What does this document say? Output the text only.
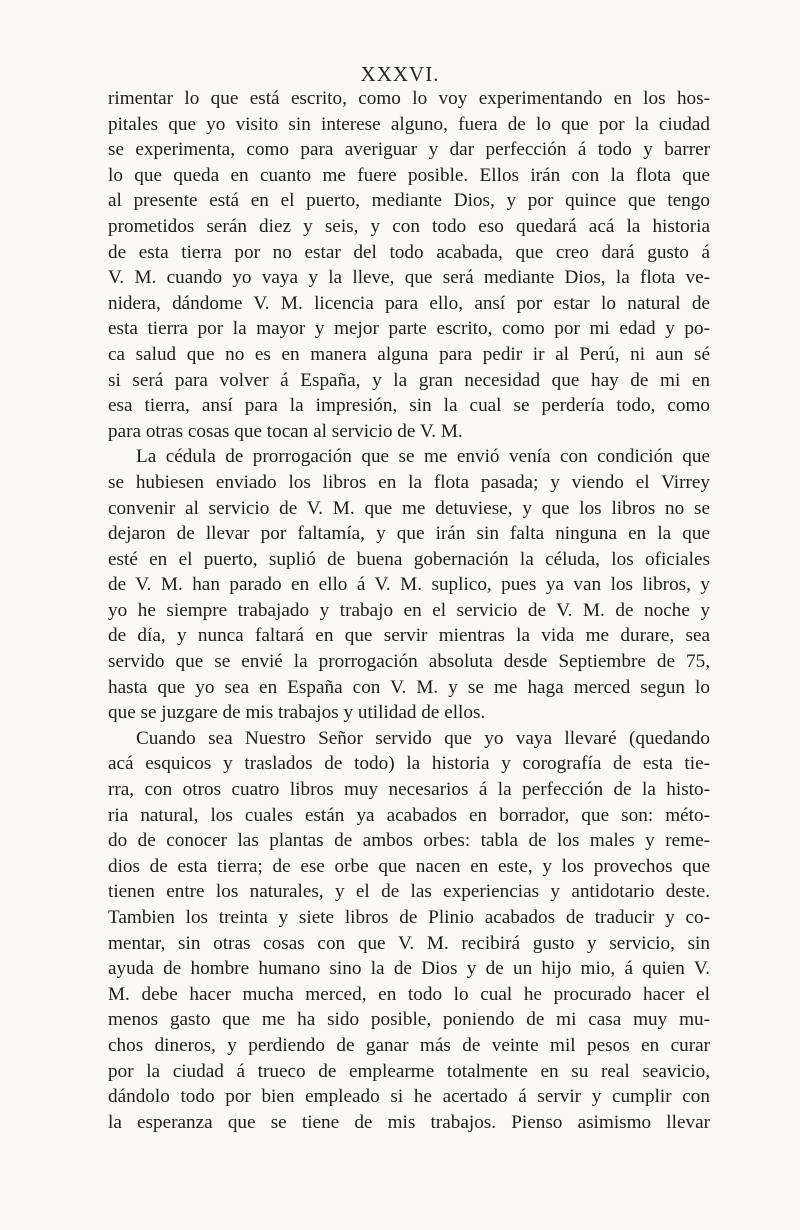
XXXVI.
rimentar lo que está escrito, como lo voy experimentando en los hos-
pitales que yo visito sin interese alguno, fuera de lo que por la ciudad
se experimenta, como para averiguar y dar perfección á todo y barrer
lo que queda en cuanto me fuere posible. Ellos irán con la flota que
al presente está en el puerto, mediante Dios, y por quince que tengo
prometidos serán diez y seis, y con todo eso quedará acá la historia
de esta tierra por no estar del todo acabada, que creo dará gusto á
V. M. cuando yo vaya y la lleve, que será mediante Dios, la flota ve-
nidera, dándome V. M. licencia para ello, ansí por estar lo natural de
esta tierra por la mayor y mejor parte escrito, como por mi edad y po-
ca salud que no es en manera alguna para pedir ir al Perú, ni aun sé
si será para volver á España, y la gran necesidad que hay de mi en
esa tierra, ansí para la impresión, sin la cual se perdería todo, como
para otras cosas que tocan al servicio de V. M.
La cédula de prorrogación que se me envió venía con condición que
se hubiesen enviado los libros en la flota pasada; y viendo el Virrey
convenir al servicio de V. M. que me detuviese, y que los libros no se
dejaron de llevar por faltamía, y que irán sin falta ninguna en la que
esté en el puerto, suplió de buena gobernación la céluda, los oficiales
de V. M. han parado en ello á V. M. suplico, pues ya van los libros, y
yo he siempre trabajado y trabajo en el servicio de V. M. de noche y
de día, y nunca faltará en que servir mientras la vida me durare, sea
servido que se envié la prorrogación absoluta desde Septiembre de 75,
hasta que yo sea en España con V. M. y se me haga merced segun lo
que se juzgare de mis trabajos y utilidad de ellos.
Cuando sea Nuestro Señor servido que yo vaya llevaré (quedando
acá esquicos y traslados de todo) la historia y corografía de esta tie-
rra, con otros cuatro libros muy necesarios á la perfección de la histo-
ria natural, los cuales están ya acabados en borrador, que son: méto-
do de conocer las plantas de ambos orbes: tabla de los males y reme-
dios de esta tierra; de ese orbe que nacen en este, y los provechos que
tienen entre los naturales, y el de las experiencias y antidotario deste.
Tambien los treinta y siete libros de Plinio acabados de traducir y co-
mentar, sin otras cosas con que V. M. recibirá gusto y servicio, sin
ayuda de hombre humano sino la de Dios y de un hijo mio, á quien V.
M. debe hacer mucha merced, en todo lo cual he procurado hacer el
menos gasto que me ha sido posible, poniendo de mi casa muy mu-
chos dineros, y perdiendo de ganar más de veinte mil pesos en curar
por la ciudad á trueco de emplearme totalmente en su real seavicio,
dándolo todo por bien empleado si he acertado á servir y cumplir con
la esperanza que se tiene de mis trabajos. Pienso asimismo llevar
